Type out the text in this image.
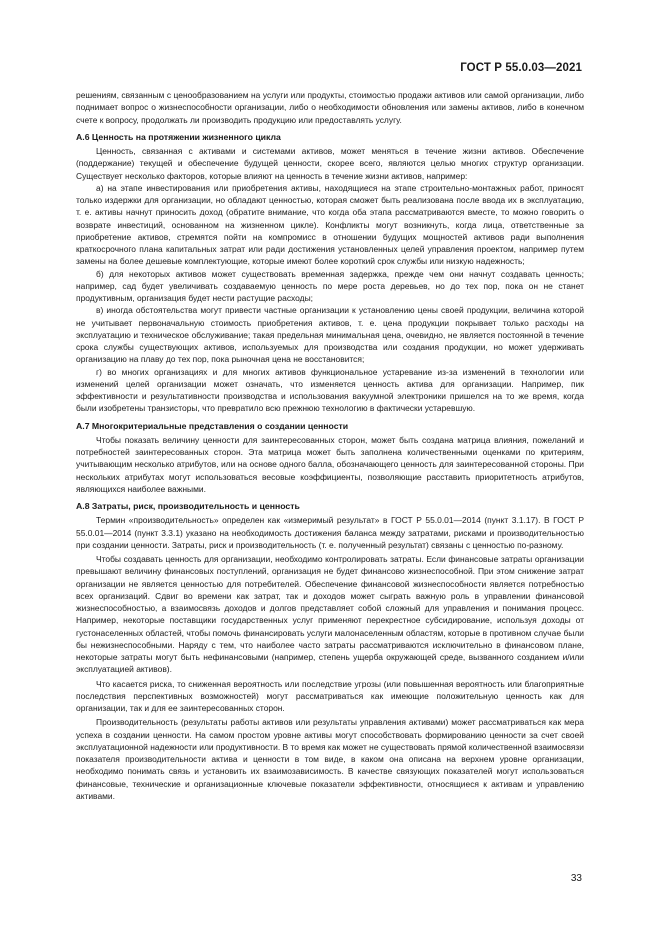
ГОСТ Р 55.0.03—2021

решениям, связанным с ценообразованием на услуги или продукты, стоимостью продажи активов или самой организации, либо поднимает вопрос о жизнеспособности организации, либо о необходимости обновления или замены активов, либо в конечном счете к вопросу, продолжать ли производить продукцию или предоставлять услугу.

А.6 Ценность на протяжении жизненного цикла

Ценность, связанная с активами и системами активов, может меняться в течение жизни активов. Обеспечение (поддержание) текущей и обеспечение будущей ценности, скорее всего, являются целью многих структур организации. Существует несколько факторов, которые влияют на ценность в течение жизни активов, например:

а) на этапе инвестирования или приобретения активы, находящиеся на этапе строительно-монтажных работ, приносят только издержки для организации, но обладают ценностью, которая сможет быть реализована после ввода их в эксплуатацию, т. е. активы начнут приносить доход (обратите внимание, что когда оба этапа рассматриваются вместе, то можно говорить о возврате инвестиций, основанном на жизненном цикле). Конфликты могут возникнуть, когда лица, ответственные за приобретение активов, стремятся пойти на компромисс в отношении будущих мощностей активов ради выполнения краткосрочного плана капитальных затрат или ради достижения установленных целей управления проектом, например путем замены на более дешевые комплектующие, которые имеют более короткий срок службы или низкую надежность;

б) для некоторых активов может существовать временная задержка, прежде чем они начнут создавать ценность; например, сад будет увеличивать создаваемую ценность по мере роста деревьев, но до тех пор, пока он не станет продуктивным, организация будет нести растущие расходы;

в) иногда обстоятельства могут привести частные организации к установлению цены своей продукции, величина которой не учитывает первоначальную стоимость приобретения активов, т. е. цена продукции покрывает только расходы на эксплуатацию и техническое обслуживание; такая предельная минимальная цена, очевидно, не является постоянной в течение срока службы существующих активов, используемых для производства или создания продукции, но может удерживать организацию на плаву до тех пор, пока рыночная цена не восстановится;

г) во многих организациях и для многих активов функциональное устаревание из-за изменений в технологии или изменений целей организации может означать, что изменяется ценность актива для организации. Например, пик эффективности и результативности производства и использования вакуумной электроники пришелся на то же время, когда были изобретены транзисторы, что превратило всю прежнюю технологию в фактически устаревшую.

А.7 Многокритериальные представления о создании ценности

Чтобы показать величину ценности для заинтересованных сторон, может быть создана матрица влияния, пожеланий и потребностей заинтересованных сторон. Эта матрица может быть заполнена количественными оценками по критериям, учитывающим несколько атрибутов, или на основе одного балла, обозначающего ценность для заинтересованной стороны. При нескольких атрибутах могут использоваться весовые коэффициенты, позволяющие расставить приоритетность атрибутов, являющихся наиболее важными.

А.8 Затраты, риск, производительность и ценность

Термин «производительность» определен как «измеримый результат» в ГОСТ Р 55.0.01—2014 (пункт 3.1.17). В ГОСТ Р 55.0.01—2014 (пункт 3.3.1) указано на необходимость достижения баланса между затратами, рисками и производительностью при создании ценности. Затраты, риск и производительность (т. е. полученный результат) связаны с ценностью по-разному.

Чтобы создавать ценность для организации, необходимо контролировать затраты. Если финансовые затраты организации превышают величину финансовых поступлений, организация не будет финансово жизнеспособной. При этом снижение затрат организации не является ценностью для потребителей. Обеспечение финансовой жизнеспособности является потребностью всех организаций. Сдвиг во времени как затрат, так и доходов может сыграть важную роль в управлении финансовой жизнеспособностью, а взаимосвязь доходов и долгов представляет собой сложный для управления и понимания процесс. Например, некоторые поставщики государственных услуг применяют перекрестное субсидирование, используя доходы от густонаселенных областей, чтобы помочь финансировать услуги малонаселенным областям, которые в противном случае были бы нежизнеспособными. Наряду с тем, что наиболее часто затраты рассматриваются исключительно в финансовом плане, некоторые затраты могут быть нефинансовыми (например, степень ущерба окружающей среде, вызванного созданием и/или эксплуатацией активов).

Что касается риска, то сниженная вероятность или последствие угрозы (или повышенная вероятность или благоприятные последствия перспективных возможностей) могут рассматриваться как имеющие положительную ценность как для организации, так и для ее заинтересованных сторон.

Производительность (результаты работы активов или результаты управления активами) может рассматриваться как мера успеха в создании ценности. На самом простом уровне активы могут способствовать формированию ценности за счет своей эксплуатационной надежности или продуктивности. В то время как может не существовать прямой количественной взаимосвязи показателя производительности актива и ценности в том виде, в каком она описана на верхнем уровне организации, необходимо понимать связь и установить их взаимозависимость. В качестве связующих показателей могут использоваться финансовые, технические и организационные ключевые показатели эффективности, относящиеся к активам и управлению активами.

33
